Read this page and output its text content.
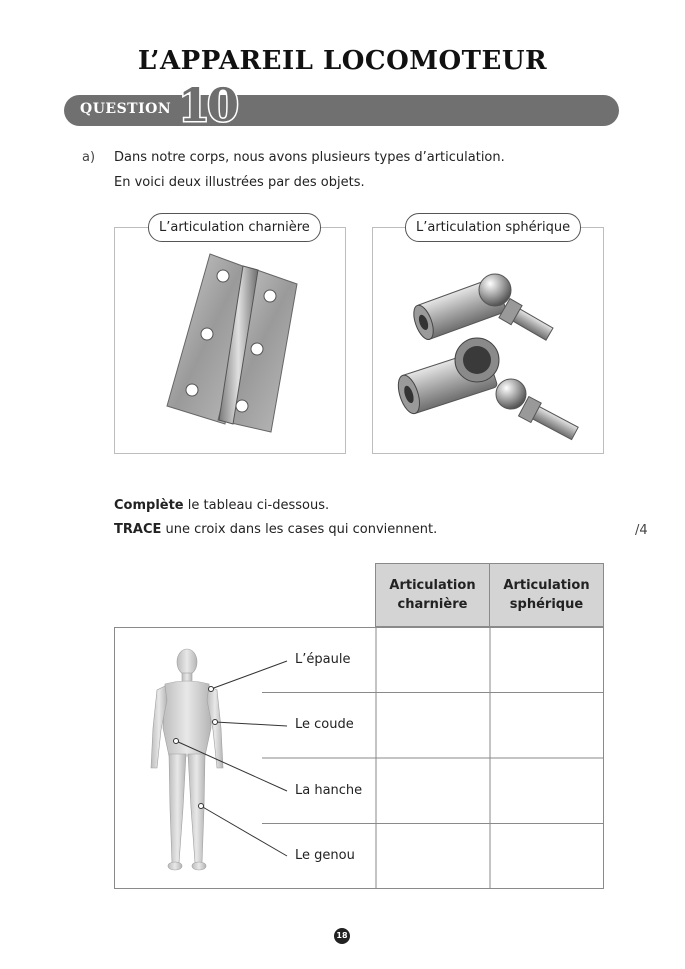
L’APPAREIL LOCOMOTEUR
QUESTION 10
a) Dans notre corps, nous avons plusieurs types d’articulation.
En voici deux illustrées par des objets.
L’articulation charnière	L’articulation sphérique
Complète le tableau ci-dessous.
TRACE une croix dans les cases qui conviennent.	/4
Articulation
charnière
Articulation
sphérique
L’épaule
Le coude
La hanche
Le genou
18
